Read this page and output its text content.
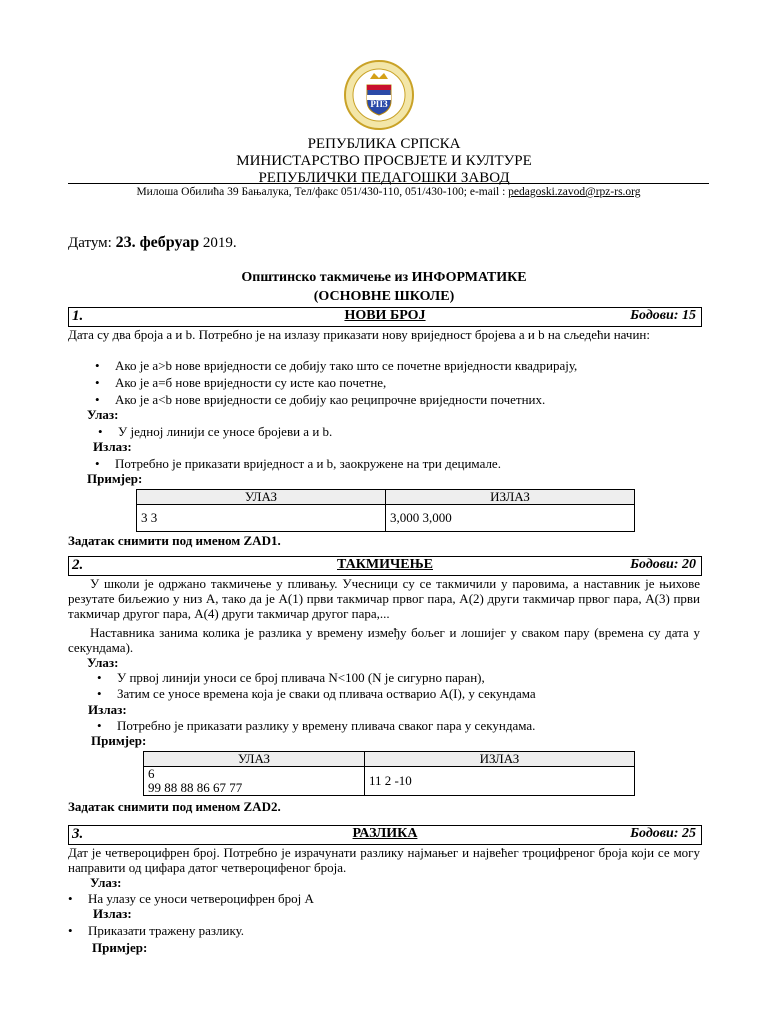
РПЗ
РЕПУБЛИКА СРПСКА
МИНИСТАРСТВО ПРОСВЈЕТЕ И КУЛТУРЕ
РЕПУБЛИЧКИ ПЕДАГОШКИ ЗАВОД
Милоша Обилића 39 Бањалука, Тел/факс 051/430-110, 051/430-100; e-mail : pedagoski.zavod@rpz-rs.org
Датум: 23. фебруар 2019.
Општинско такмичење из ИНФОРМАТИКЕ
(ОСНОВНЕ ШКОЛЕ)
1.	НОВИ БРОЈ	Бодови: 15
Дата су два броја a и b. Потребно је на излазу приказати нову вриједност бројева a и b на сљедећи начин:
• Ако је a>b нове вриједности се добију тако што се почетне вриједности квадрирају,
• Ако је a=б нове вриједности су исте као почетне,
• Ако је a<b нове вриједности се добију као реципрочне вриједности почетних.
Улаз:
• У једној линији се уносе бројеви a и b.
Излаз:
• Потребно је приказати вриједност a и b, заокружене на три децимале.
Примјер:
УЛАЗ	ИЗЛАЗ
3 3	3,000 3,000
Задатак снимити под именом ZAD1.
2.	ТАКМИЧЕЊЕ	Бодови: 20
У школи је одржано такмичење у пливању. Учесници су се такмичили у паровима, а наставник је њихове резутате биљежио у низ A, тако да је A(1) први такмичар првог пара, A(2) други такмичар првог пара, A(3) први такмичар другог пара, A(4) други такмичар другог пара,...
Наставника занима колика је разлика у времену између бољег и лошијег у сваком пару (времена су дата у секундама).
Улаз:
• У првој линији уноси се број пливача N<100 (N је сигурно паран),
• Затим се уносе времена која је сваки од пливача остварио A(I), у секундама
Излаз:
• Потребно је приказати разлику у времену пливача сваког пара у секундама.
Примјер:
УЛАЗ	ИЗЛАЗ

6
99 88 88 86 67 77	11 2 -10
Задатак снимити под именом ZAD2.
3.	РАЗЛИКА	Бодови: 25
Дат је четвероцифрен број. Потребно је израчунати разлику најмањег и највећег троцифреног броја који се могу направити од цифара датог четвероцифеног броја.
Улаз:
• На улазу се уноси четвероцифрен број A
Излаз:
• Приказати тражену разлику.
Примјер:
